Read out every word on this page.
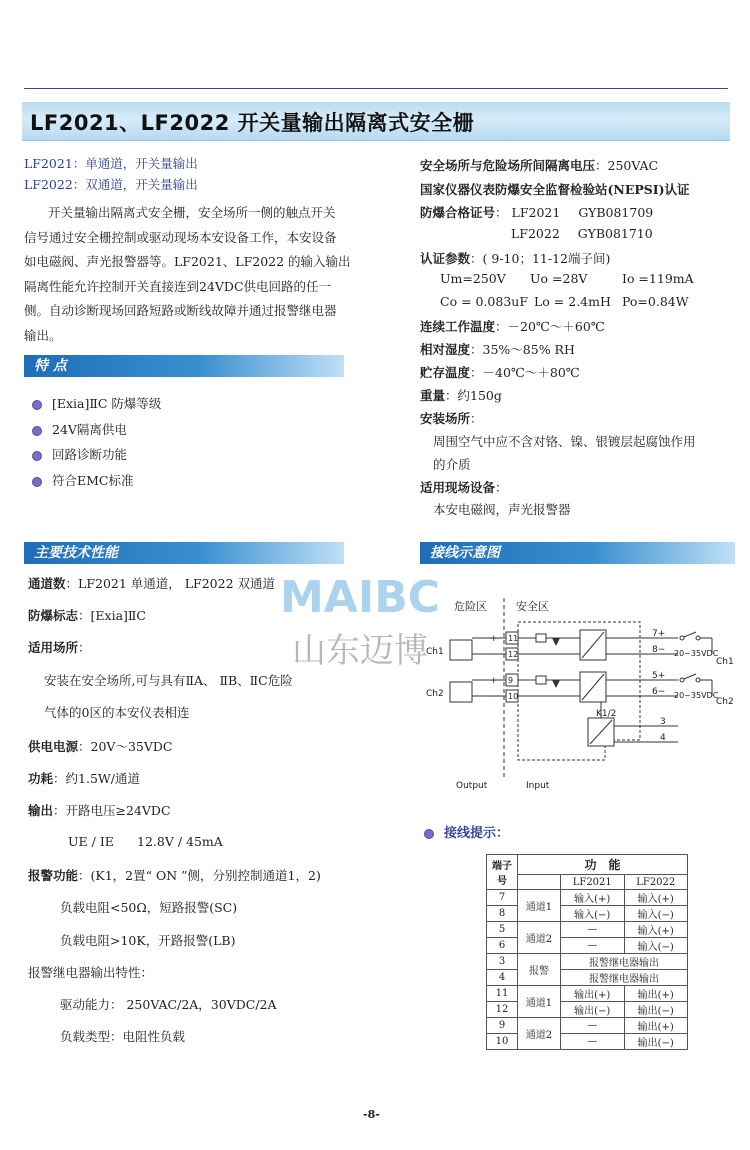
LF2021、LF2022 开关量输出隔离式安全栅
LF2021：单通道，开关量输出
LF2022：双通道，开关量输出
开关量输出隔离式安全栅，安全场所一侧的触点开关
信号通过安全栅控制或驱动现场本安设备工作，本安设备
如电磁阀、声光报警器等。LF2021、LF2022 的输入输出
隔离性能允许控制开关直接连到24VDC供电回路的任一
侧。自动诊断现场回路短路或断线故障并通过报警继电器
输出。
特 点
[Exia]ⅡC 防爆等级
24V隔离供电
回路诊断功能
符合EMC标准
安全场所与危险场所间隔离电压：250VAC
国家仪器仪表防爆安全监督检验站(NEPSI)认证
防爆合格证号： LF2021 GYB081709
LF2022 GYB081710
认证参数：( 9-10；11-12端子间)
Um=250V Uo =28V	Io =119mA
Co = 0.083uF Lo = 2.4mH Po=0.84W
连续工作温度：－20℃～＋60℃
相对湿度：35%～85% RH
贮存温度：－40℃～＋80℃
重量：约150g
安装场所：
周围空气中应不含对铬、镍、银镀层起腐蚀作用
的介质
适用现场设备：
本安电磁阀，声光报警器
主要技术性能
通道数：LF2021 单通道， LF2022 双通道
防爆标志：[Exia]ⅡC
适用场所：
安装在安全场所,可与具有ⅡA、 ⅡB、ⅡC危险
气体的0区的本安仪表相连
供电电源：20V～35VDC
功耗：约1.5W/通道
输出：开路电压≥24VDC
UE / IE 12.8V / 45mA
报警功能：(K1，2置“ ON ”侧，分别控制通道1，2)
负载电阻<50Ω，短路报警(SC)
负载电阻>10K，开路报警(LB)
报警继电器输出特性：
驱动能力： 250VAC/2A，30VDC/2A
负载类型：电阻性负载
接线示意图
危险区	安全区
11
12
9
10
+
−
+
−
Ch1
Ch2
K1/2
7+
8−
5+
6−
3
4
20~35VDC
20~35VDC
Ch1
Ch2
Output	Input
MAIBC
山东迈博
接线提示：
端子号	功　能		
		LF2021	LF2022
7	通道1	输入(+)	输入(+)
8		输入(−)	输入(−)
5	通道2	—	输入(+)
6		—	输入(−)
3	报警	报警继电器输出	
4		报警继电器输出	
11	通道1	输出(+)	输出(+)
12		输出(−)	输出(−)
9	通道2	—	输出(+)
10		—	输出(−)
-8-
